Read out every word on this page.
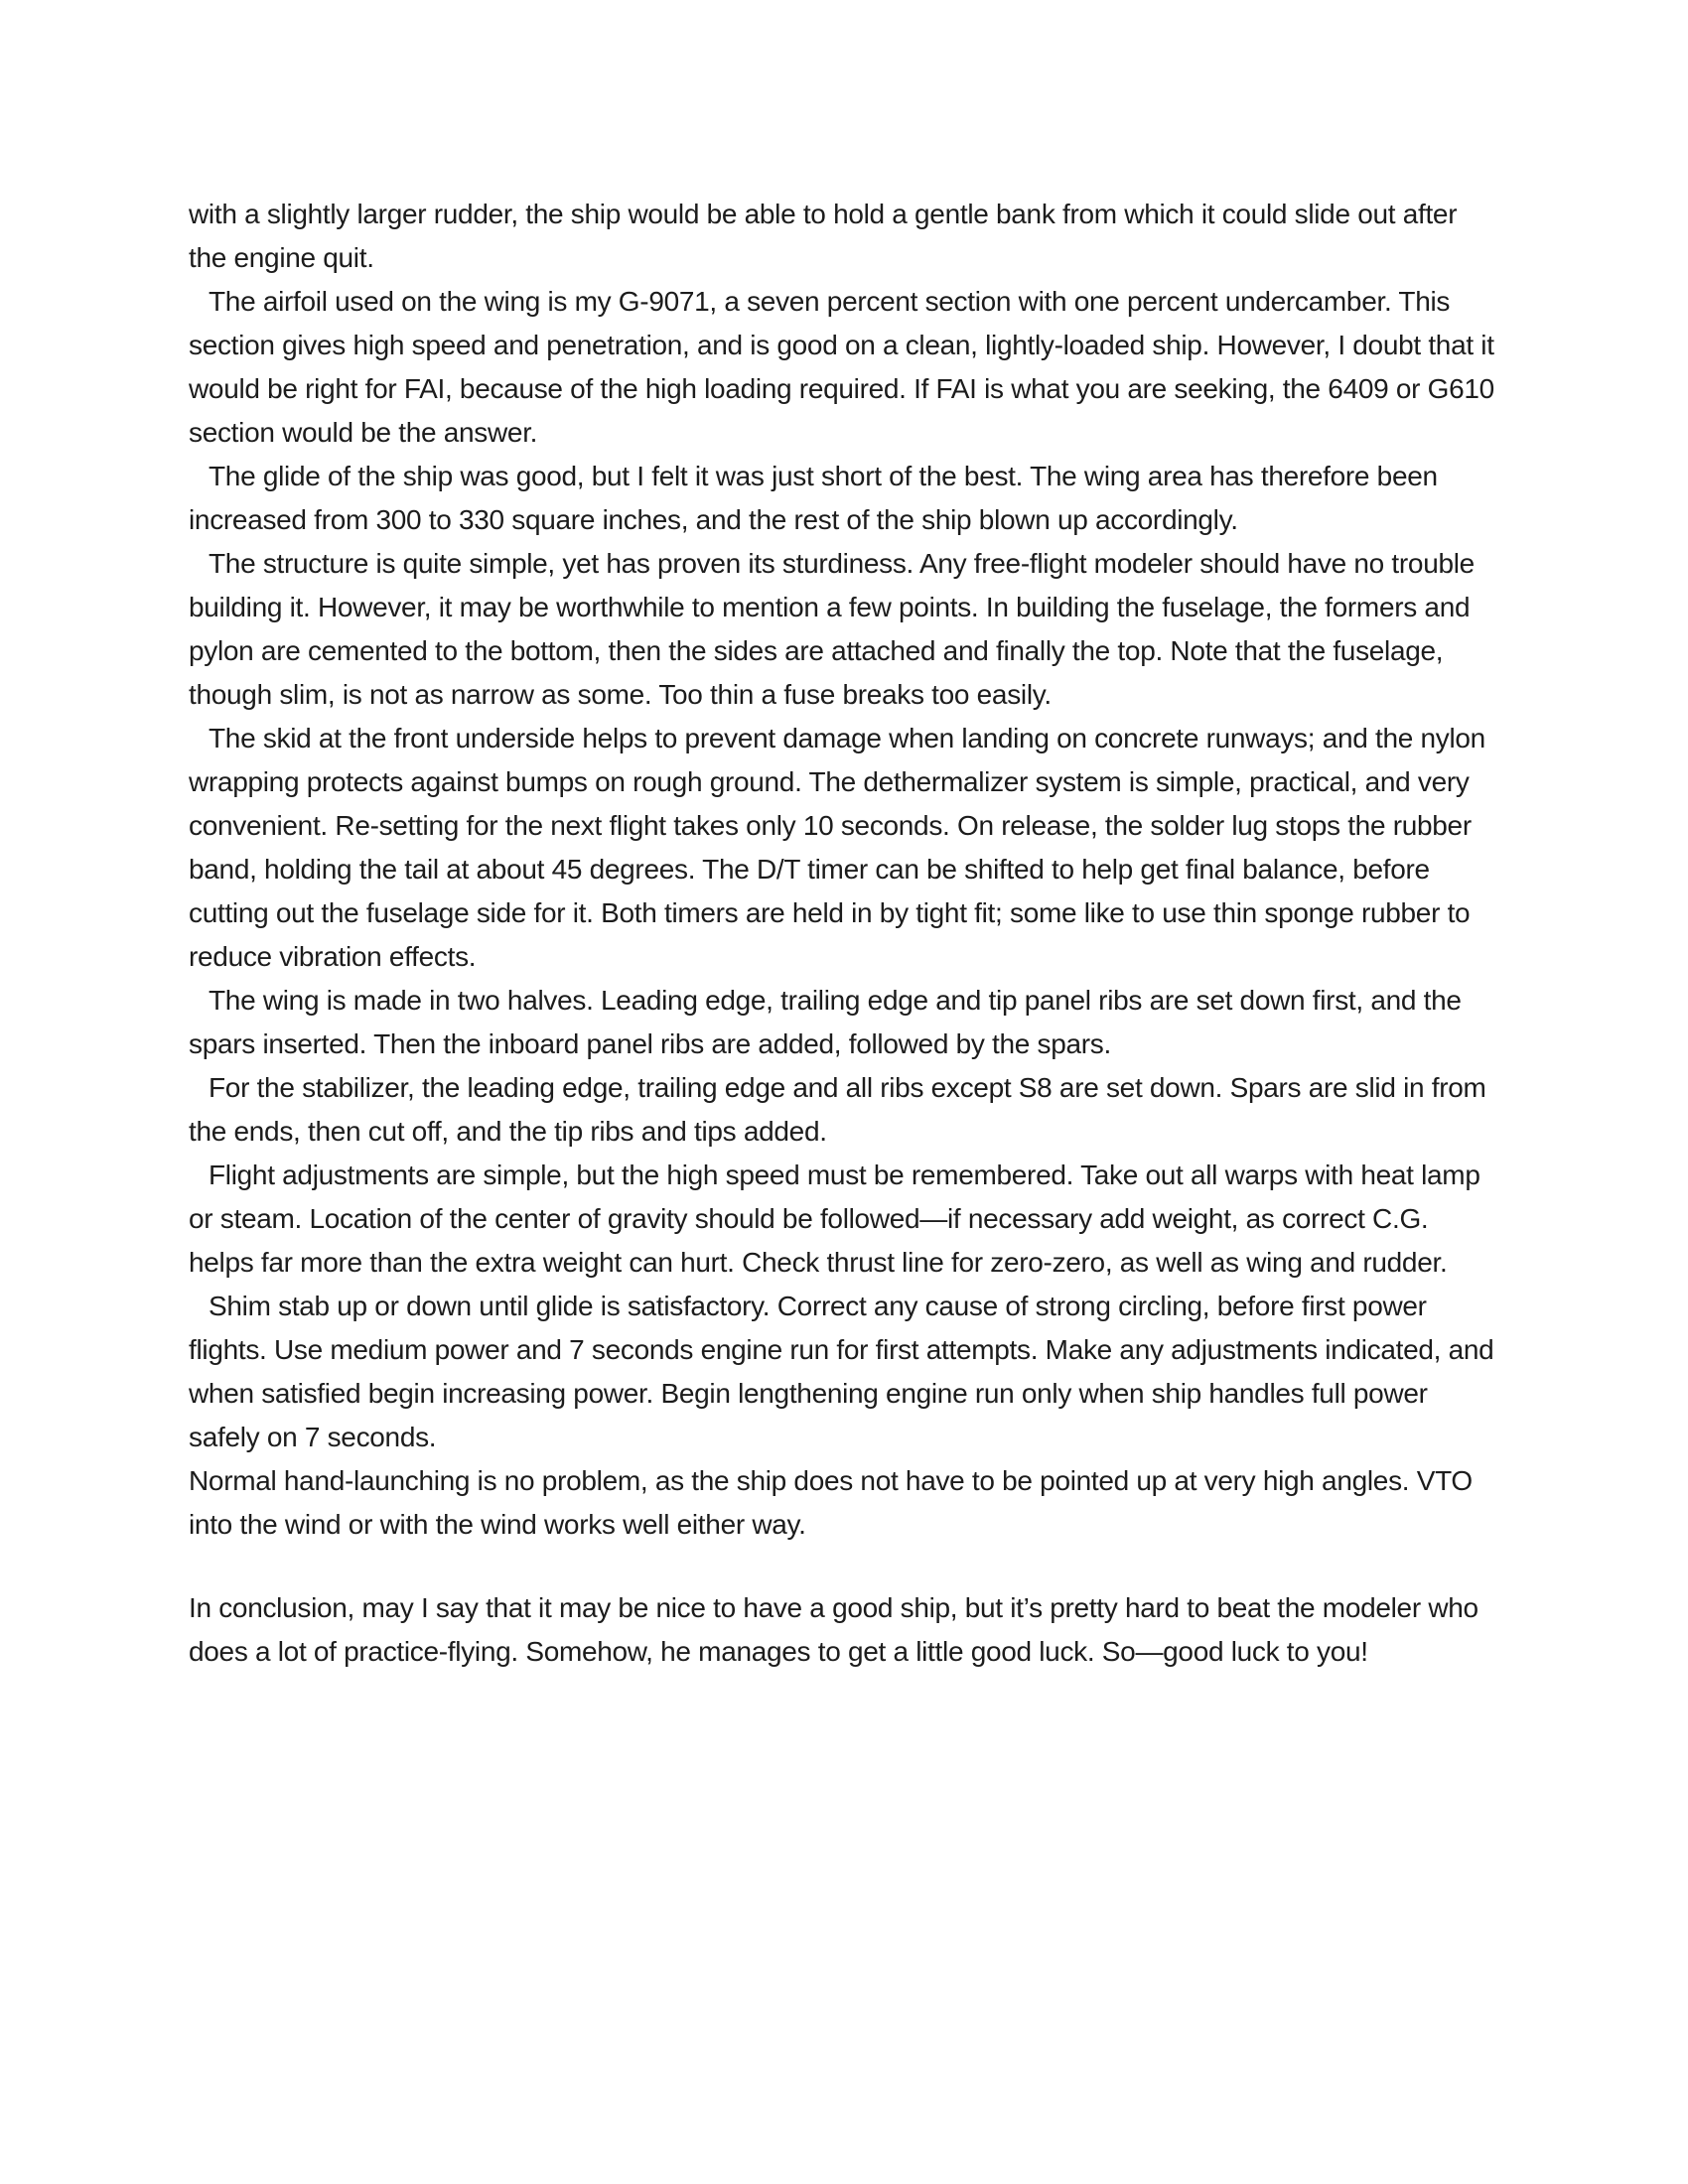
with a slightly larger rudder, the ship would be able to hold a gentle bank from which it could slide out after the engine quit.

The airfoil used on the wing is my G-9071, a seven percent section with one percent undercamber. This section gives high speed and penetration, and is good on a clean, lightly-loaded ship. However, I doubt that it would be right for FAI, because of the high loading required. If FAI is what you are seeking, the 6409 or G610 section would be the answer.

The glide of the ship was good, but I felt it was just short of the best. The wing area has therefore been increased from 300 to 330 square inches, and the rest of the ship blown up accordingly.

The structure is quite simple, yet has proven its sturdiness. Any free-flight modeler should have no trouble building it. However, it may be worthwhile to mention a few points. In building the fuselage, the formers and pylon are cemented to the bottom, then the sides are attached and finally the top. Note that the fuselage, though slim, is not as narrow as some. Too thin a fuse breaks too easily.

The skid at the front underside helps to prevent damage when landing on concrete runways; and the nylon wrapping protects against bumps on rough ground. The dethermalizer system is simple, practical, and very convenient. Re-setting for the next flight takes only 10 seconds. On release, the solder lug stops the rubber band, holding the tail at about 45 degrees. The D/T timer can be shifted to help get final balance, before cutting out the fuselage side for it. Both timers are held in by tight fit; some like to use thin sponge rubber to reduce vibration effects.

The wing is made in two halves. Leading edge, trailing edge and tip panel ribs are set down first, and the spars inserted. Then the inboard panel ribs are added, followed by the spars.

For the stabilizer, the leading edge, trailing edge and all ribs except S8 are set down. Spars are slid in from the ends, then cut off, and the tip ribs and tips added.

Flight adjustments are simple, but the high speed must be remembered. Take out all warps with heat lamp or steam. Location of the center of gravity should be followed—if necessary add weight, as correct C.G. helps far more than the extra weight can hurt. Check thrust line for zero-zero, as well as wing and rudder.

Shim stab up or down until glide is satisfactory. Correct any cause of strong circling, before first power flights. Use medium power and 7 seconds engine run for first attempts. Make any adjustments indicated, and when satisfied begin increasing power. Begin lengthening engine run only when ship handles full power safely on 7 seconds.

Normal hand-launching is no problem, as the ship does not have to be pointed up at very high angles. VTO into the wind or with the wind works well either way.

In conclusion, may I say that it may be nice to have a good ship, but it’s pretty hard to beat the modeler who does a lot of practice-flying. Somehow, he manages to get a little good luck. So—good luck to you!
